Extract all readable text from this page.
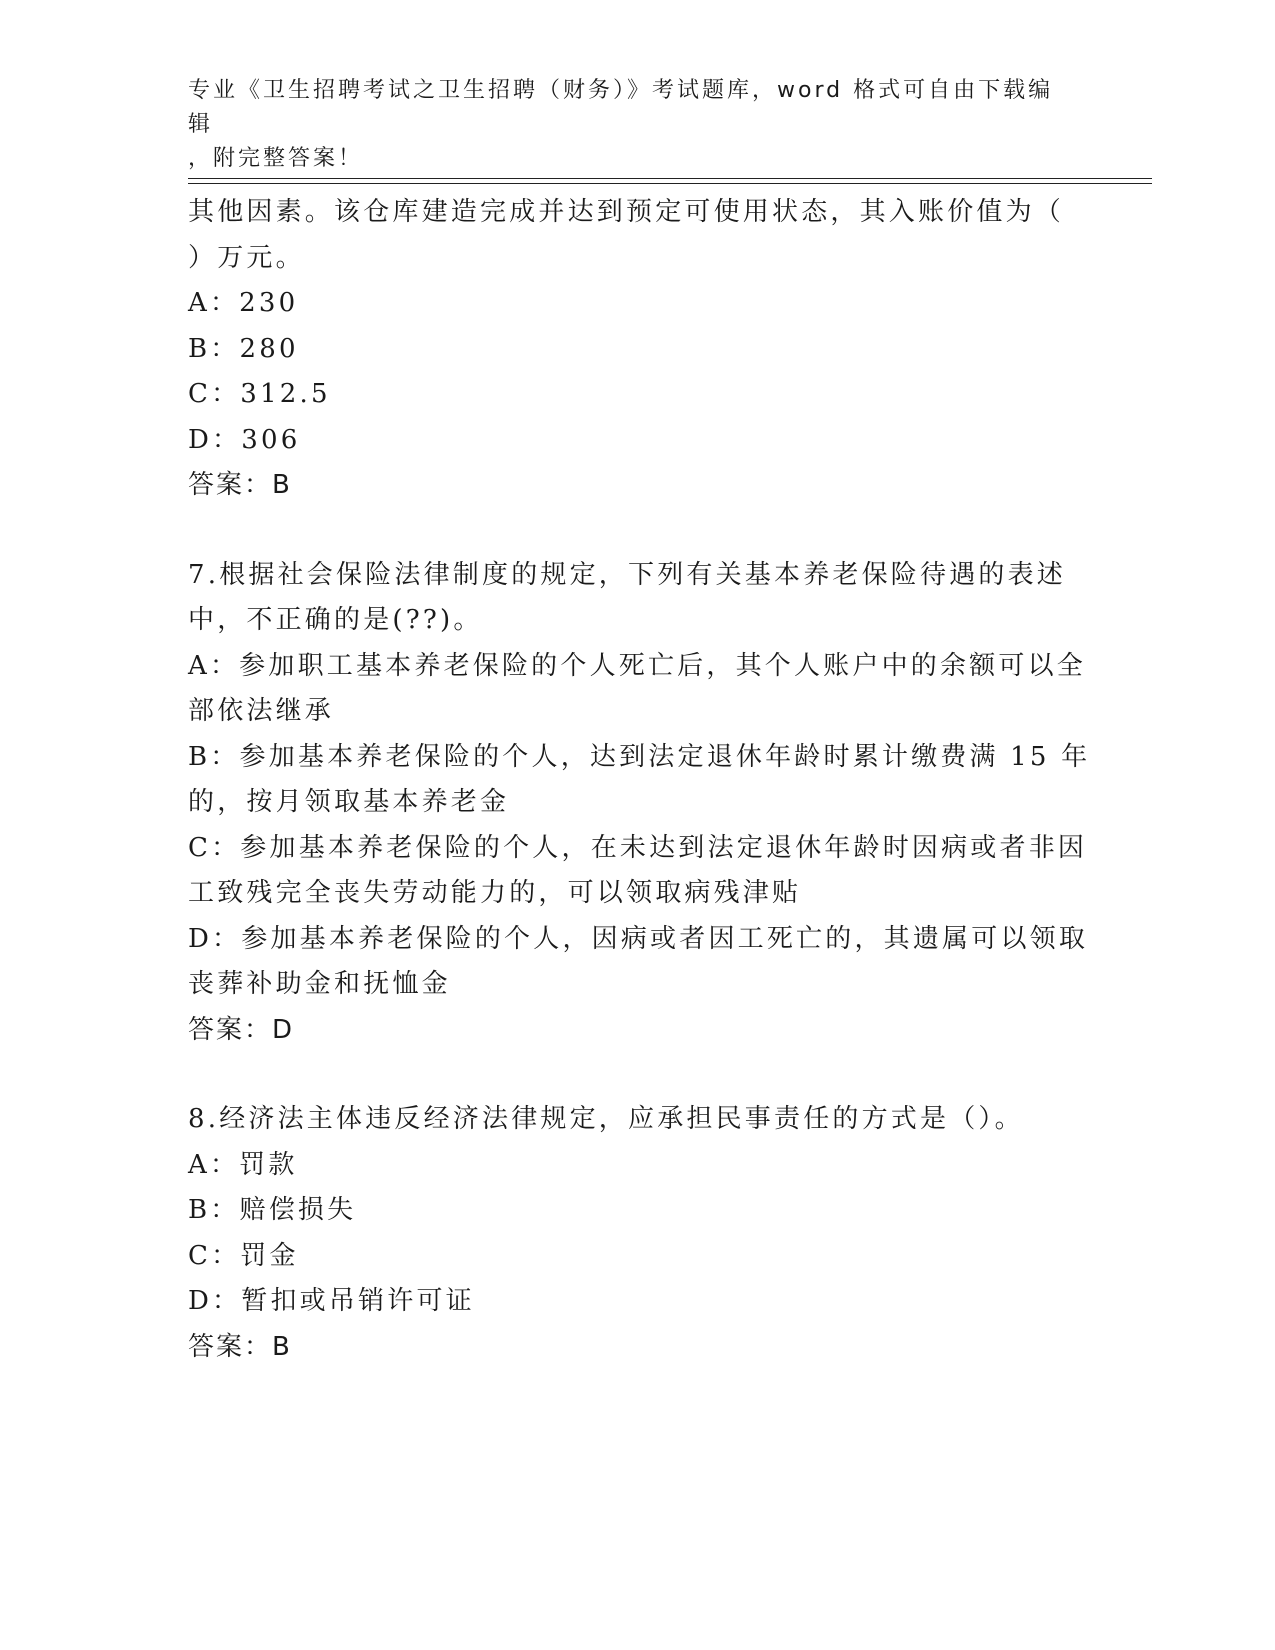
专业《卫生招聘考试之卫生招聘（财务）》考试题库，word 格式可自由下载编辑
，附完整答案！
其他因素。该仓库建造完成并达到预定可使用状态，其入账价值为（
）万元。
A：230
B：280
C：312.5
D：306
答案：B
7.根据社会保险法律制度的规定，下列有关基本养老保险待遇的表述
中，不正确的是(??)。
A：参加职工基本养老保险的个人死亡后，其个人账户中的余额可以全
部依法继承
B：参加基本养老保险的个人，达到法定退休年龄时累计缴费满 15 年
的，按月领取基本养老金
C：参加基本养老保险的个人，在未达到法定退休年龄时因病或者非因
工致残完全丧失劳动能力的，可以领取病残津贴
D：参加基本养老保险的个人，因病或者因工死亡的，其遗属可以领取
丧葬补助金和抚恤金
答案：D
8.经济法主体违反经济法律规定，应承担民事责任的方式是（）。
A：罚款
B：赔偿损失
C：罚金
D：暂扣或吊销许可证
答案：B
